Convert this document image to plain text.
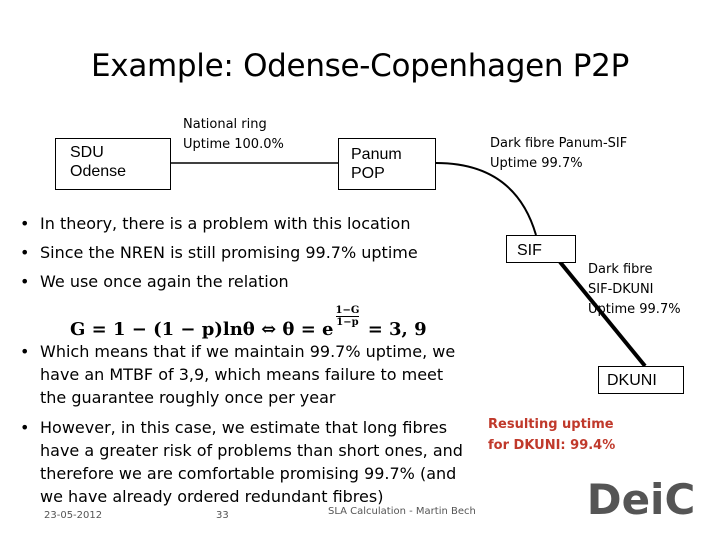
Example: Odense-Copenhagen P2P
SDU
Odense
Panum
POP
SIF
DKUNI
National ring
Uptime 100.0%	Dark fibre Panum-SIF
Uptime 99.7%
Dark fibre
SIF-DKUNI
Uptime 99.7%
• In theory, there is a problem with this location
• Since the NREN is still promising 99.7% uptime
• We use once again the relation
• Which means that if we maintain 99.7% uptime, we
have an MTBF of 3,9, which means failure to meet
the guarantee roughly once per year
• However, in this case, we estimate that long fibres
have a greater risk of problems than short ones, and
therefore we are comfortable promising 99.7% (and
we have already ordered redundant fibres)
G = 1 − (1 − p)lnθ ⇔ θ = e
$\frac{1-G}{1-p}$
= 3, 9
Resulting uptime
for DKUNI: 99.4%
DeiC
23-05-2012	33	SLA Calculation - Martin Bech
